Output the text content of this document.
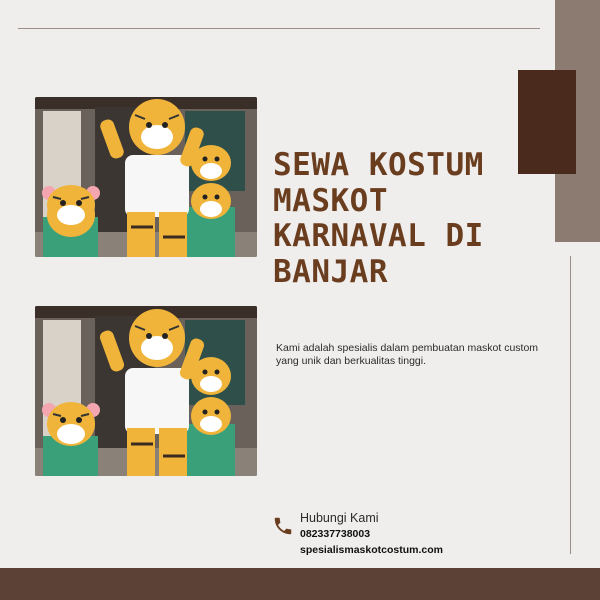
SEWA KOSTUM
MASKOT
KARNAVAL DI
BANJAR

Kami adalah spesialis dalam pembuatan maskot custom yang unik dan berkualitas tinggi.

Hubungi Kami
082337738003
spesialismaskotcostum.com
